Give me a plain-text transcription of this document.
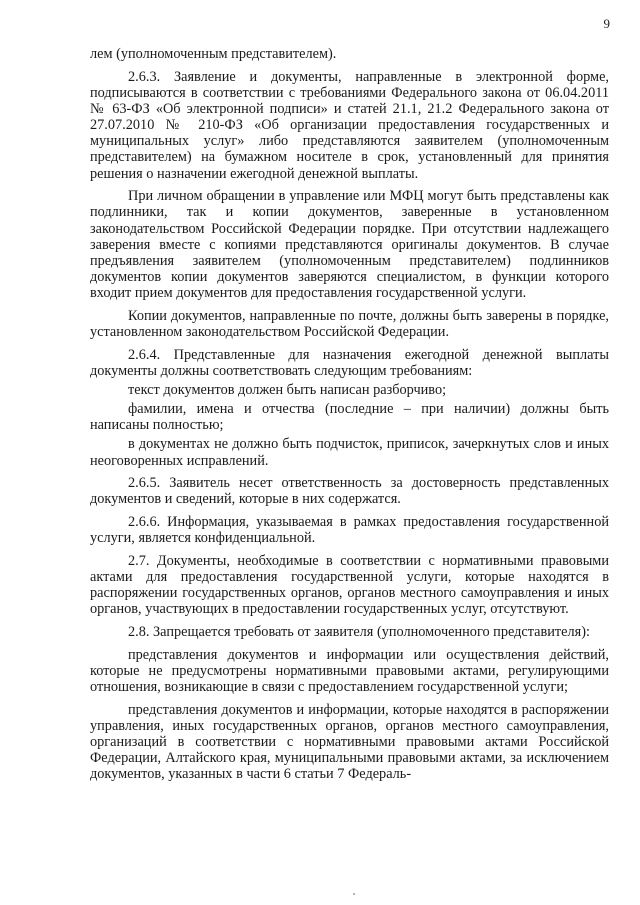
9

лем (уполномоченным представителем).

2.6.3. Заявление и документы, направленные в электронной форме, подписываются в соответствии с требованиями Федерального закона от 06.04.2011 № 63-ФЗ «Об электронной подписи» и статей 21.1, 21.2 Федерального закона от 27.07.2010 № 210-ФЗ «Об организации предоставления государственных и муниципальных услуг» либо представляются заявителем (уполномоченным представителем) на бумажном носителе в срок, установленный для принятия решения о назначении ежегодной денежной выплаты.

При личном обращении в управление или МФЦ могут быть представлены как подлинники, так и копии документов, заверенные в установленном законодательством Российской Федерации порядке. При отсутствии надлежащего заверения вместе с копиями представляются оригиналы документов. В случае предъявления заявителем (уполномоченным представителем) подлинников документов копии документов заверяются специалистом, в функции которого входит прием документов для предоставления государственной услуги.

Копии документов, направленные по почте, должны быть заверены в порядке, установленном законодательством Российской Федерации.

2.6.4. Представленные для назначения ежегодной денежной выплаты документы должны соответствовать следующим требованиям:

текст документов должен быть написан разборчиво;

фамилии, имена и отчества (последние – при наличии) должны быть написаны полностью;

в документах не должно быть подчисток, приписок, зачеркнутых слов и иных неоговоренных исправлений.

2.6.5. Заявитель несет ответственность за достоверность представленных документов и сведений, которые в них содержатся.

2.6.6. Информация, указываемая в рамках предоставления государственной услуги, является конфиденциальной.

2.7. Документы, необходимые в соответствии с нормативными правовыми актами для предоставления государственной услуги, которые находятся в распоряжении государственных органов, органов местного самоуправления и иных органов, участвующих в предоставлении государственных услуг, отсутствуют.

2.8. Запрещается требовать от заявителя (уполномоченного представителя):

представления документов и информации или осуществления действий, которые не предусмотрены нормативными правовыми актами, регулирующими отношения, возникающие в связи с предоставлением государственной услуги;

представления документов и информации, которые находятся в распоряжении управления, иных государственных органов, органов местного самоуправления, организаций в соответствии с нормативными правовыми актами Российской Федерации, Алтайского края, муниципальными правовыми актами, за исключением документов, указанных в части 6 статьи 7 Федераль-
